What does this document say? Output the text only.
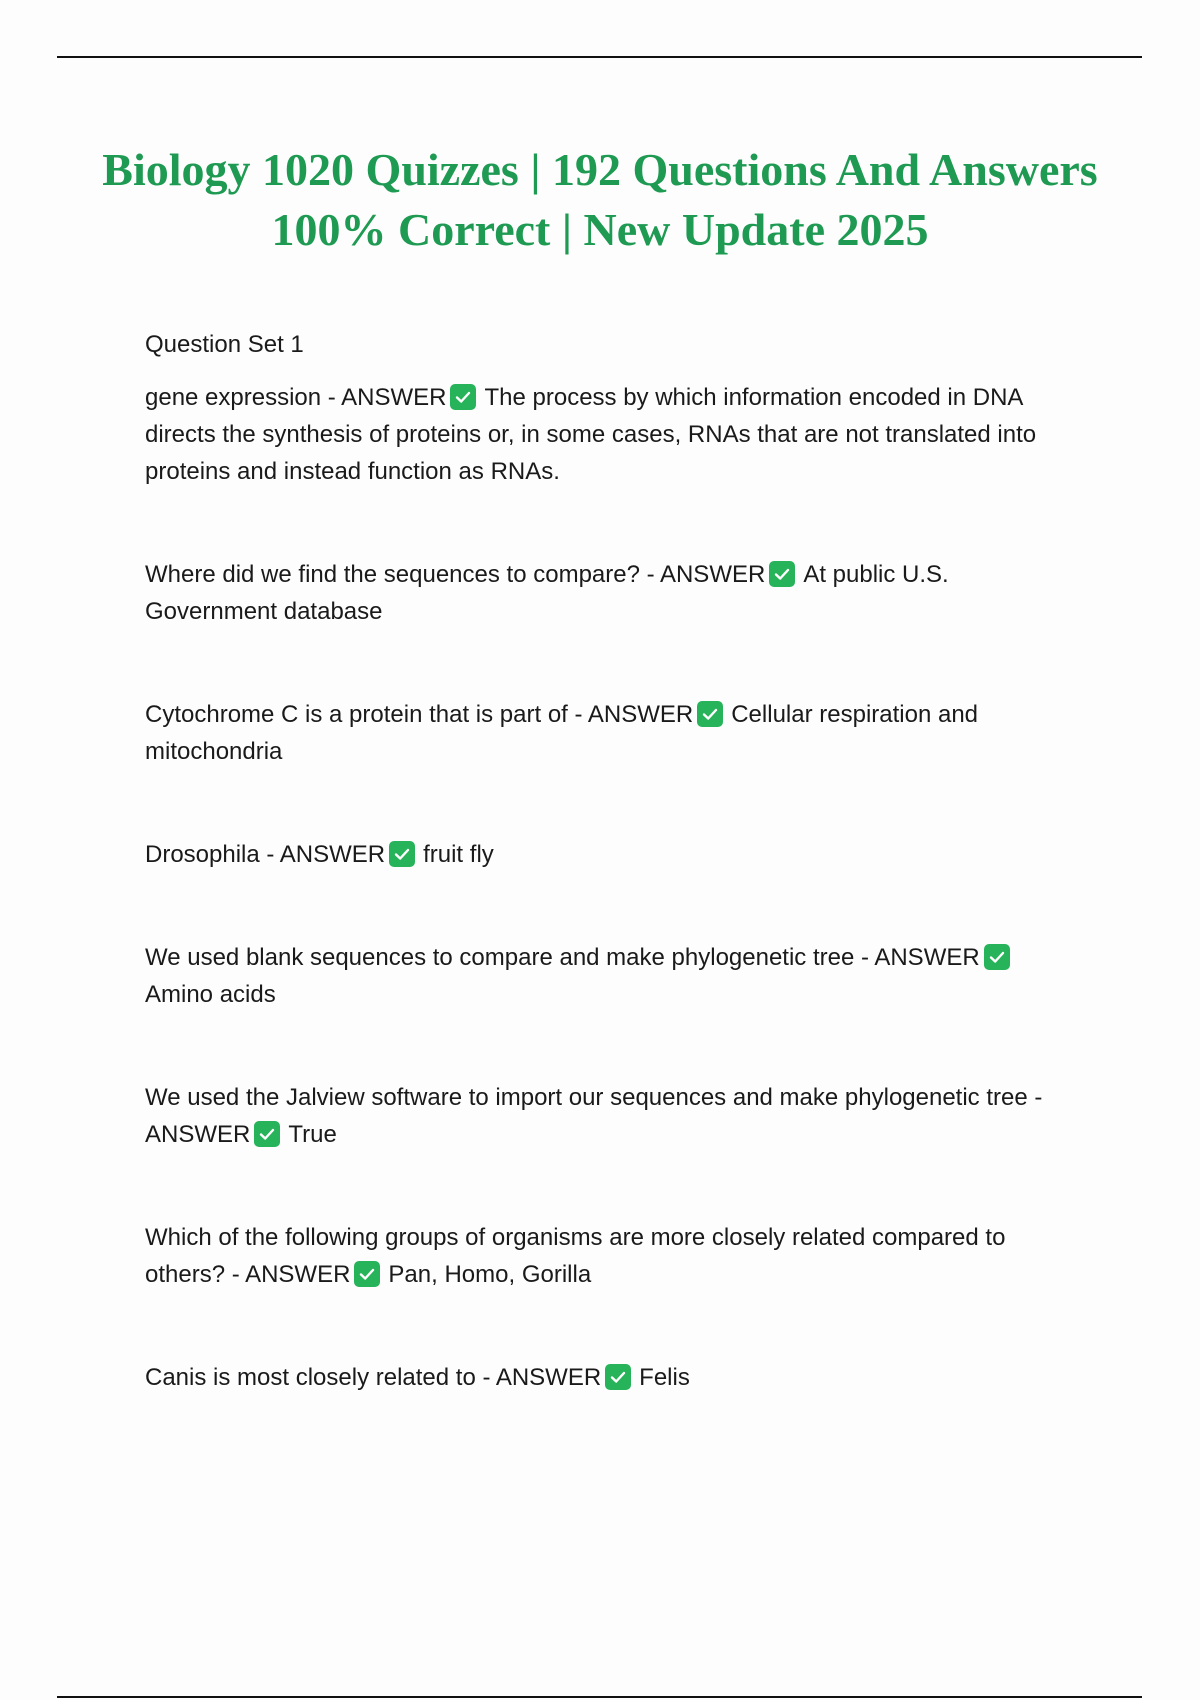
Biology 1020 Quizzes | 192 Questions And Answers 100% Correct | New Update 2025

Question Set 1

gene expression - ANSWER The process by which information encoded in DNA directs the synthesis of proteins or, in some cases, RNAs that are not translated into proteins and instead function as RNAs.

Where did we find the sequences to compare? - ANSWER At public U.S. Government database

Cytochrome C is a protein that is part of - ANSWER Cellular respiration and mitochondria

Drosophila - ANSWER fruit fly

We used blank sequences to compare and make phylogenetic tree - ANSWER
Amino acids

We used the Jalview software to import our sequences and make phylogenetic tree - ANSWER True

Which of the following groups of organisms are more closely related compared to others? - ANSWER Pan, Homo, Gorilla

Canis is most closely related to - ANSWER Felis
